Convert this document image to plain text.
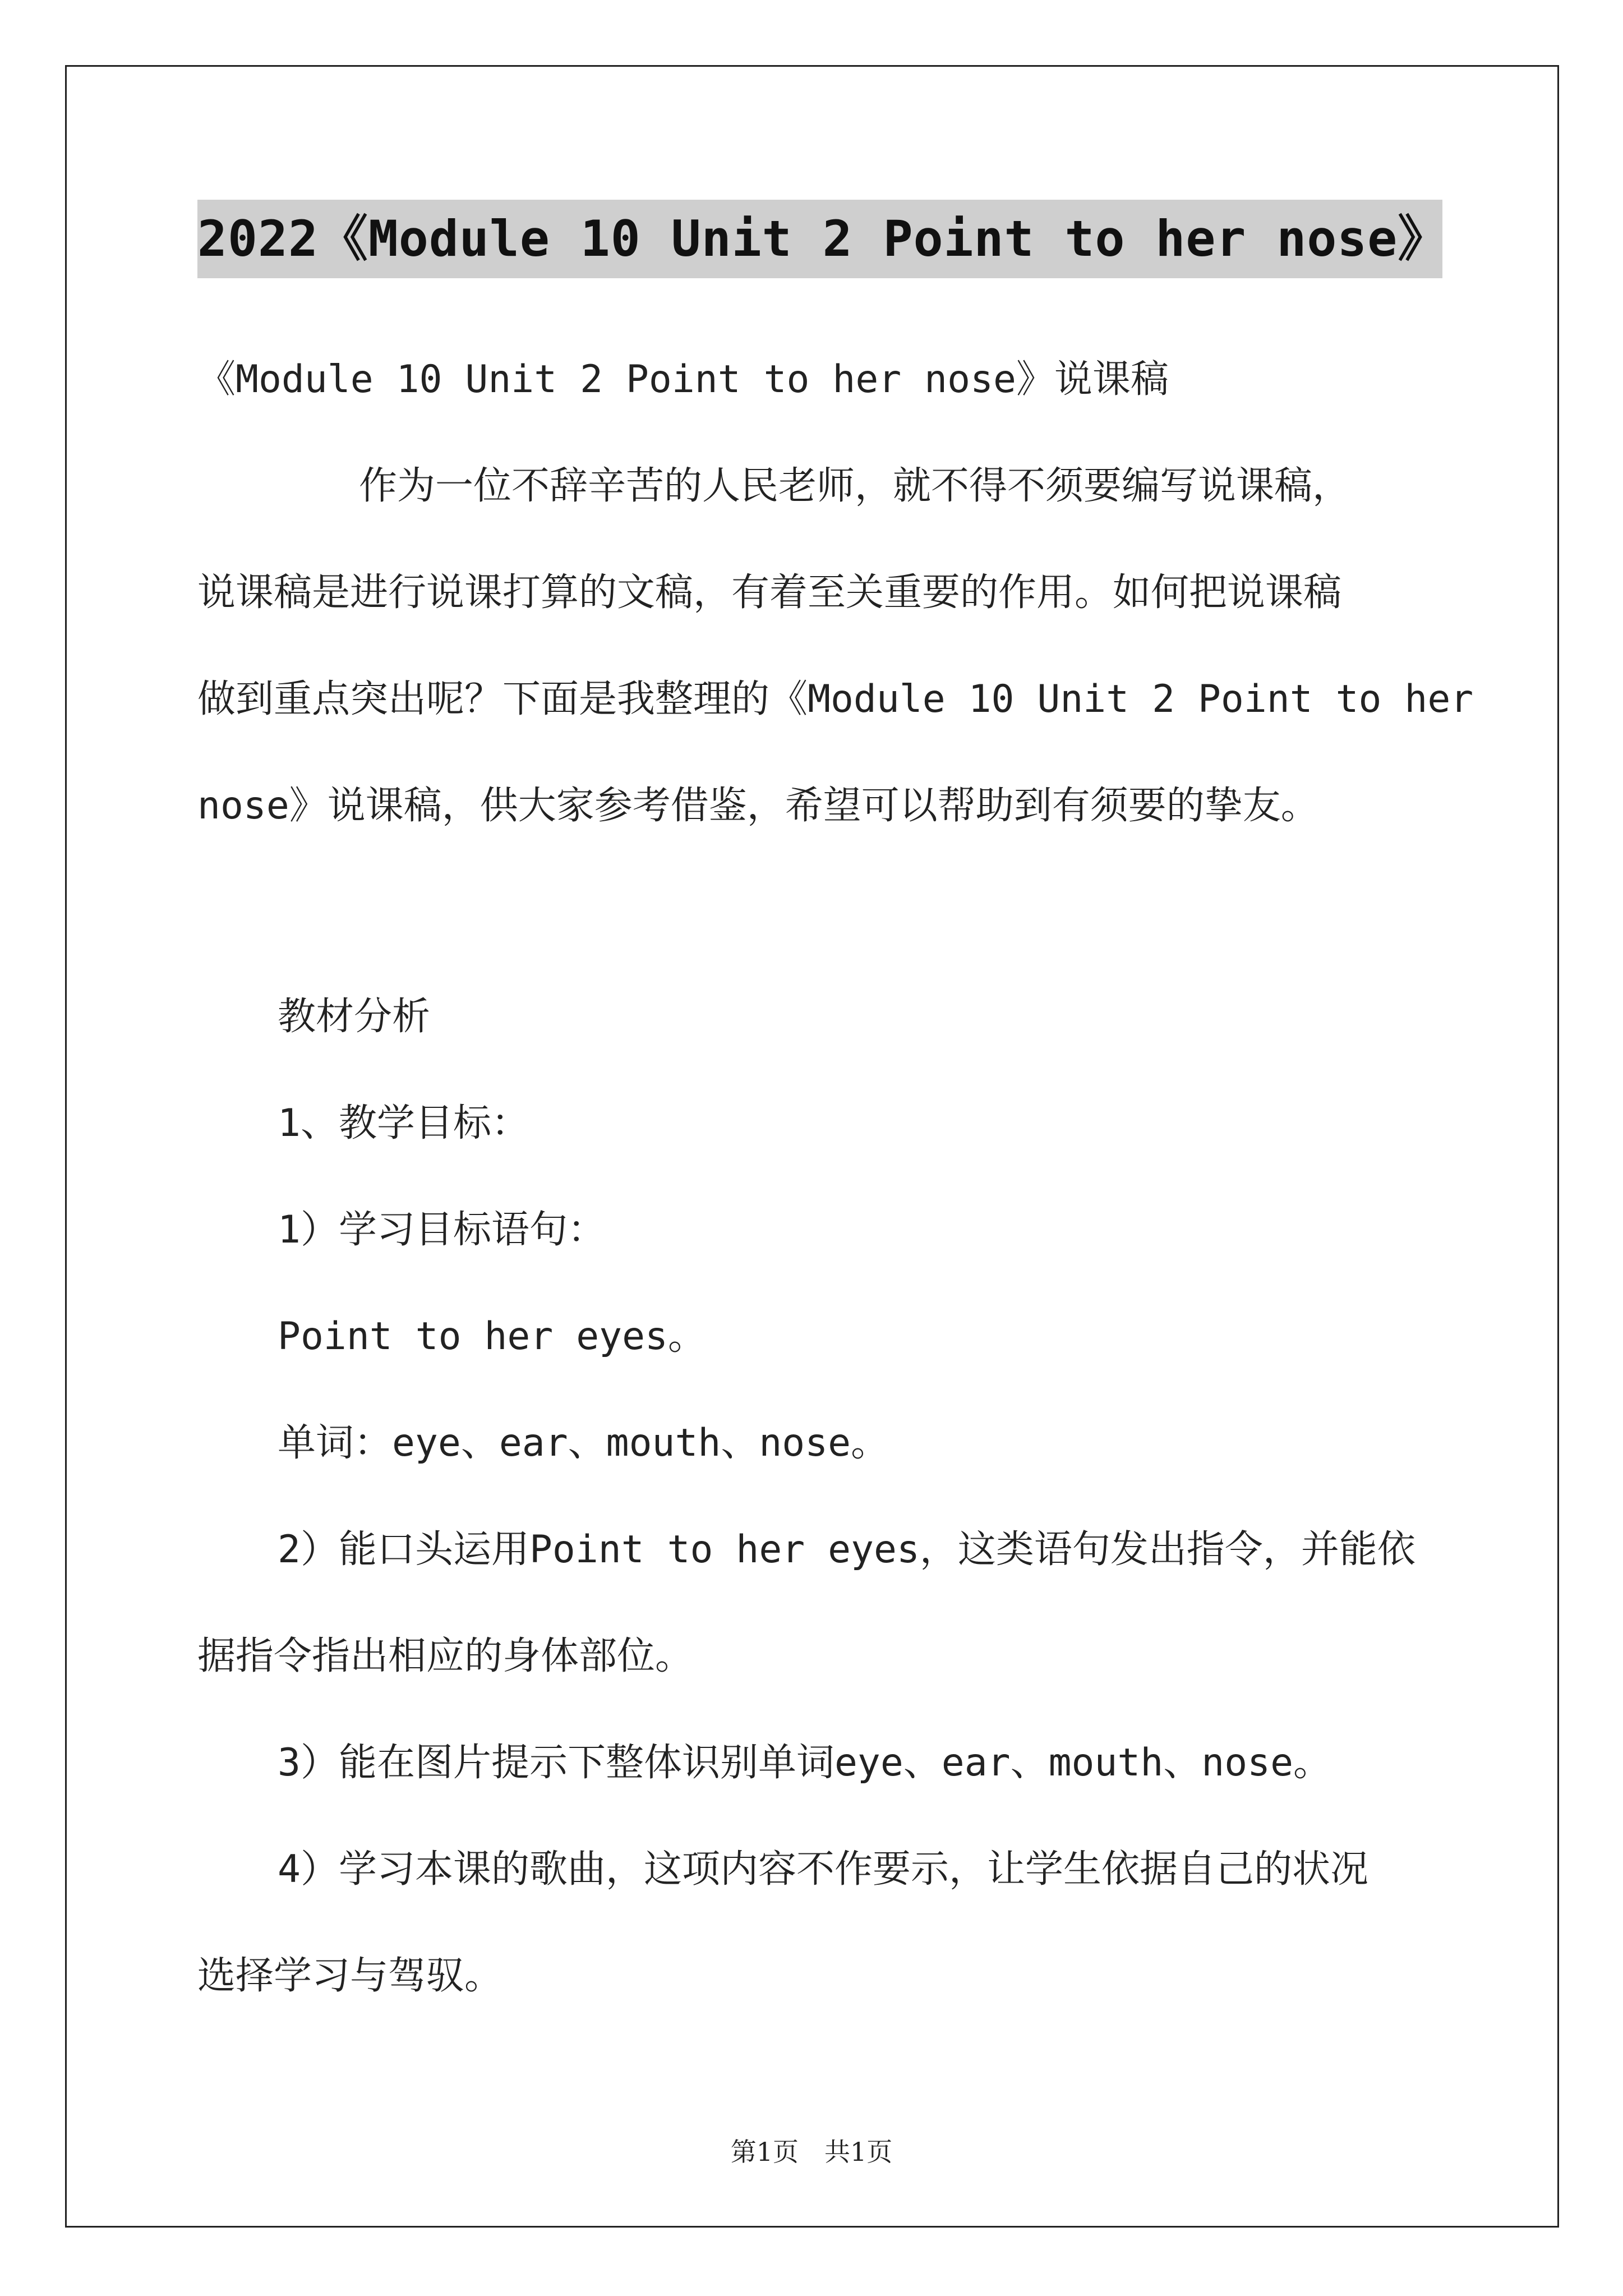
2022《Module 10 Unit 2 Point to her nose》
《Module 10 Unit 2 Point to her nose》说课稿
作为一位不辞辛苦的人民老师，就不得不须要编写说课稿，
说课稿是进行说课打算的文稿，有着至关重要的作用。如何把说课稿
做到重点突出呢？下面是我整理的《Module 10 Unit 2 Point to her
nose》说课稿，供大家参考借鉴，希望可以帮助到有须要的挚友。
教材分析
1、教学目标：
1）学习目标语句：
Point to her eyes。
单词：eye、ear、mouth、nose。
2）能口头运用Point to her eyes，这类语句发出指令，并能依
据指令指出相应的身体部位。
3）能在图片提示下整体识别单词eye、ear、mouth、nose。
4）学习本课的歌曲，这项内容不作要示，让学生依据自己的状况
选择学习与驾驭。
第1页　共1页
